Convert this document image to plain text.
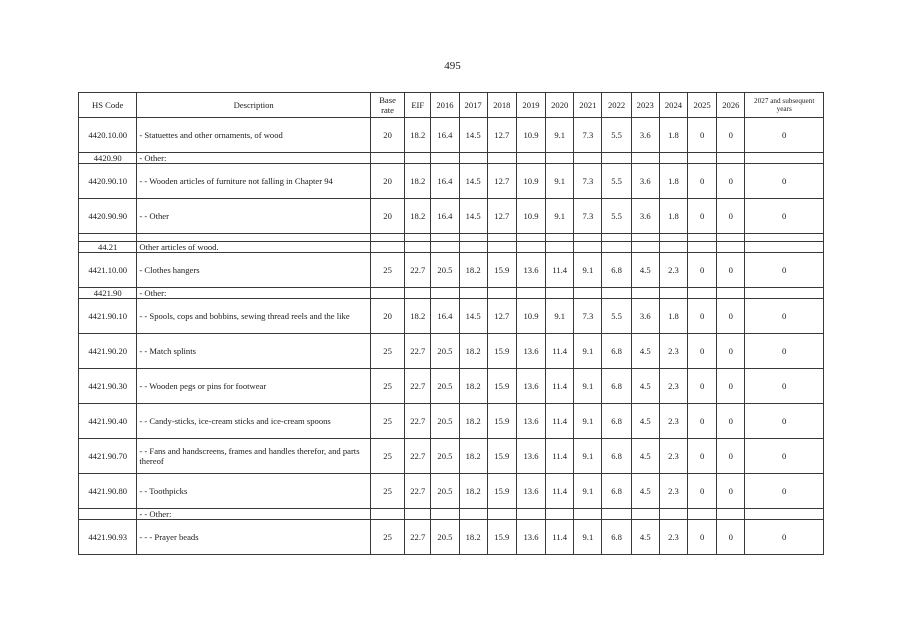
495
HS Code	Description	Base rate	EIF	2016	2017	2018	2019	2020	2021	2022	2023	2024	2025	2026	2027 and subsequent years
4420.10.00	- Statuettes and other ornaments, of wood	20	18.2	16.4	14.5	12.7	10.9	9.1	7.3	5.5	3.6	1.8	0	0	0
4420.90	- Other:														
4420.90.10	- - Wooden articles of furniture not falling in Chapter 94	20	18.2	16.4	14.5	12.7	10.9	9.1	7.3	5.5	3.6	1.8	0	0	0
4420.90.90	- - Other	20	18.2	16.4	14.5	12.7	10.9	9.1	7.3	5.5	3.6	1.8	0	0	0

44.21	Other articles of wood.														
4421.10.00	- Clothes hangers	25	22.7	20.5	18.2	15.9	13.6	11.4	9.1	6.8	4.5	2.3	0	0	0
4421.90	- Other:														
4421.90.10	- - Spools, cops and bobbins, sewing thread reels and the like	20	18.2	16.4	14.5	12.7	10.9	9.1	7.3	5.5	3.6	1.8	0	0	0
4421.90.20	- - Match splints	25	22.7	20.5	18.2	15.9	13.6	11.4	9.1	6.8	4.5	2.3	0	0	0
4421.90.30	- - Wooden pegs or pins for footwear	25	22.7	20.5	18.2	15.9	13.6	11.4	9.1	6.8	4.5	2.3	0	0	0
4421.90.40	- - Candy-sticks, ice-cream sticks and ice-cream spoons	25	22.7	20.5	18.2	15.9	13.6	11.4	9.1	6.8	4.5	2.3	0	0	0
4421.90.70	- - Fans and handscreens, frames and handles therefor, and parts thereof	25	22.7	20.5	18.2	15.9	13.6	11.4	9.1	6.8	4.5	2.3	0	0	0
4421.90.80	- - Toothpicks	25	22.7	20.5	18.2	15.9	13.6	11.4	9.1	6.8	4.5	2.3	0	0	0
	- - Other:														
4421.90.93	- - - Prayer beads	25	22.7	20.5	18.2	15.9	13.6	11.4	9.1	6.8	4.5	2.3	0	0	0
